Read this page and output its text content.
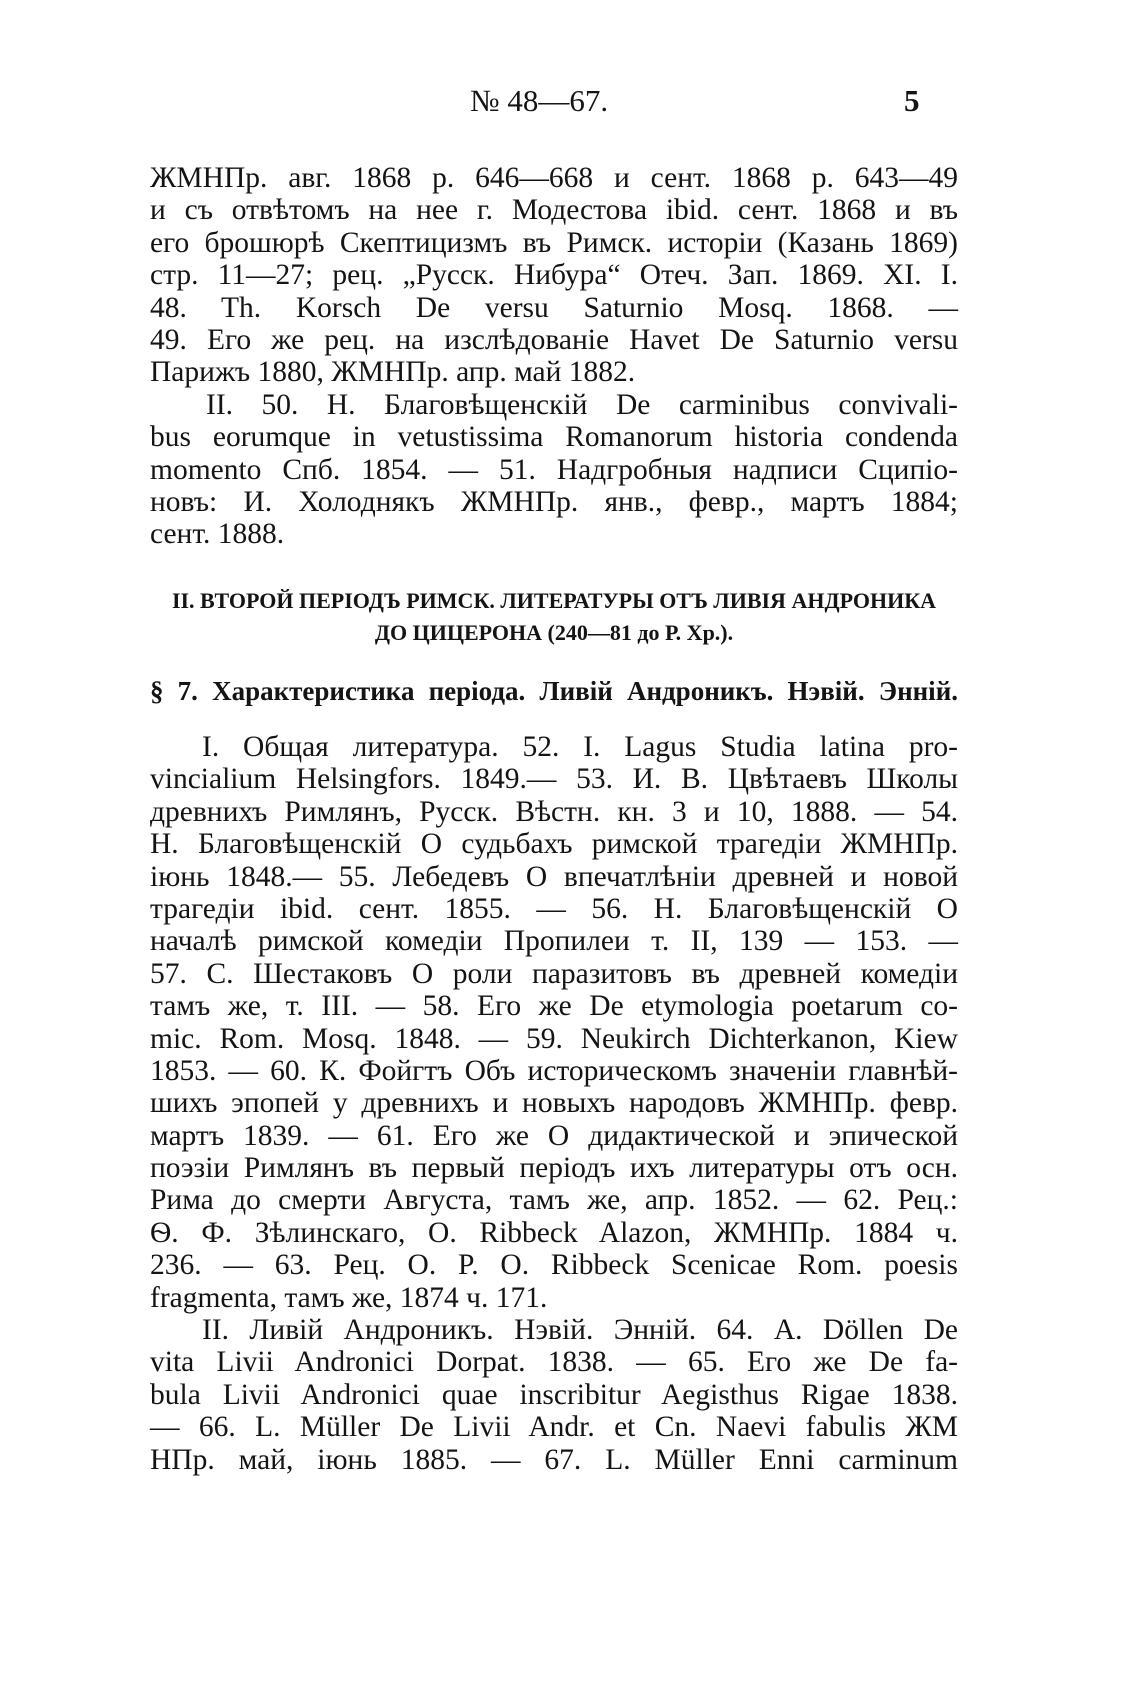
№ 48—67.	5
ЖМНПр. авг. 1868 р. 646—668 и сент. 1868 р. 643—49
и съ отвѣтомъ на нее г. Модестова ibid. сент. 1868 и въ
его брошюрѣ Скептицизмъ въ Римск. исторіи (Казань 1869)
стр. 11—27; рец. „Русск. Нибура“ Отеч. Зап. 1869. XI. I.
48. Th. Korsch De versu Saturnio Mosq. 1868. —
49. Его же рец. на изслѣдованіе Havet De Saturnio versu
Парижъ 1880, ЖМНПр. апр. май 1882.
II. 50. Н. Благовѣщенскій De carminibus convivali-
bus eorumque in vetustissima Romanorum historia condenda
momento Спб. 1854. — 51. Надгробныя надписи Сципіо-
новъ: И. Холоднякъ ЖМНПр. янв., февр., мартъ 1884;
сент. 1888.
II. ВТОРОЙ ПЕРІОДЪ РИМСК. ЛИТЕРАТУРЫ ОТЪ ЛИВІЯ АНДРОНИКА
ДО ЦИЦЕРОНА (240—81 до Р. Хр.).
§ 7. Характеристика періода. Ливій Андроникъ. Нэвій. Энній.
I. Общая литература. 52. I. Lagus Studia latina pro-
vincialium Helsingfors. 1849.— 53. И. В. Цвѣтаевъ Школы
древнихъ Римлянъ, Русск. Вѣстн. кн. 3 и 10, 1888. — 54.
Н. Благовѣщенскій О судьбахъ римской трагедіи ЖМНПр.
іюнь 1848.— 55. Лебедевъ О впечатлѣніи древней и новой
трагедіи ibid. сент. 1855. — 56. Н. Благовѣщенскій О
началѣ римской комедіи Пропилеи т. II, 139 — 153. —
57. С. Шестаковъ О роли паразитовъ въ древней комедіи
тамъ же, т. III. — 58. Его же De etymologia poetarum co-
mic. Rom. Mosq. 1848. — 59. Neukirch Dichterkanon, Kiew
1853. — 60. К. Фойгтъ Объ историческомъ значеніи главнѣй-
шихъ эпопей у древнихъ и новыхъ народовъ ЖМНПр. февр.
мартъ 1839. — 61. Его же О дидактической и эпической
поэзіи Римлянъ въ первый періодъ ихъ литературы отъ осн.
Рима до смерти Августа, тамъ же, апр. 1852. — 62. Рец.:
Ѳ. Ф. Зѣлинскаго, O. Ribbeck Alazon, ЖМНПр. 1884 ч.
236. — 63. Рец. O. P. O. Ribbeck Scenicae Rom. poesis
fragmenta, тамъ же, 1874 ч. 171.
II. Ливій Андроникъ. Нэвій. Энній. 64. A. Döllen De
vita Livii Andronici Dorpat. 1838. — 65. Его же De fa-
bula Livii Andronici quae inscribitur Aegisthus Rigae 1838.
— 66. L. Müller De Livii Andr. et Cn. Naevi fabulis ЖМ
НПр. май, іюнь 1885. — 67. L. Müller Enni carminum
